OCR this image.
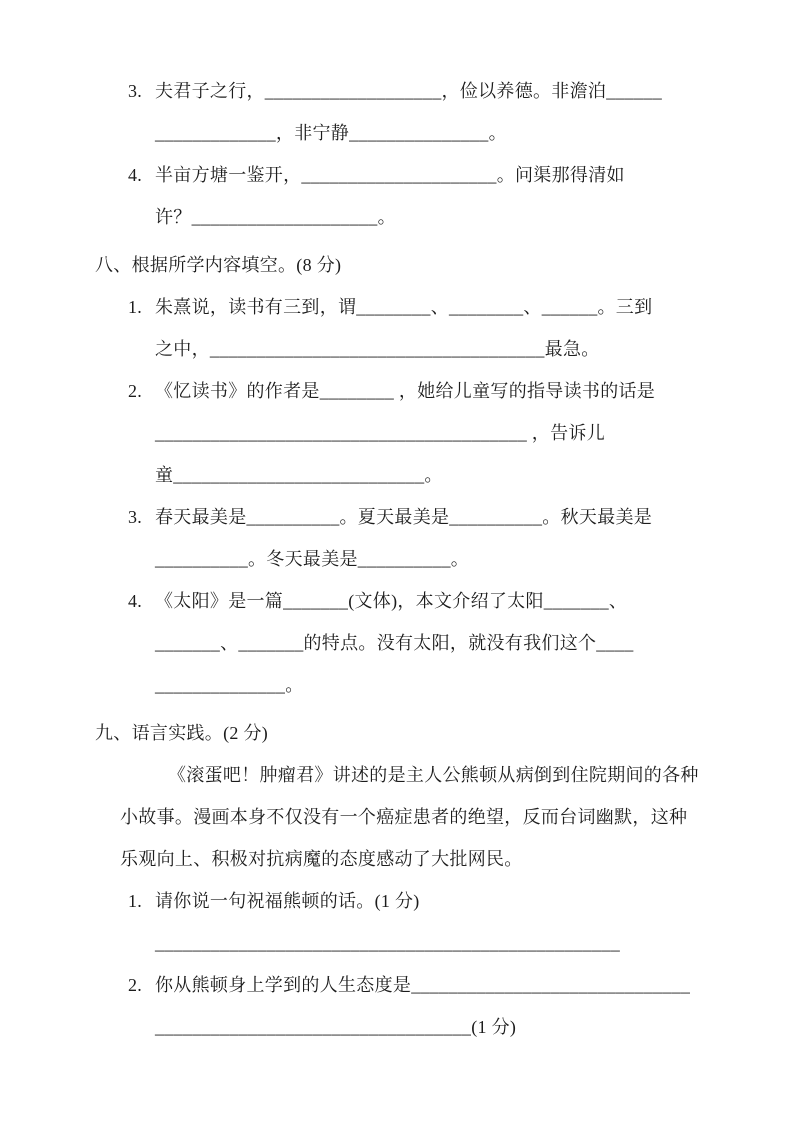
3. 夫君子之行，___________________，俭以养德。非澹泊______
_____________，非宁静_______________。
4. 半亩方塘一鉴开，_____________________。问渠那得清如
许？____________________。
八、根据所学内容填空。(8 分)
1. 朱熹说，读书有三到，谓________、________、______。三到
之中，____________________________________最急。
2. 《忆读书》的作者是________ ，她给儿童写的指导读书的话是
________________________________________ ，告诉儿
童___________________________。
3. 春天最美是__________。夏天最美是__________。秋天最美是
__________。冬天最美是__________。
4. 《太阳》是一篇_______(文体)，本文介绍了太阳_______、
_______、_______的特点。没有太阳，就没有我们这个____
______________。
九、语言实践。(2 分)
《滚蛋吧！肿瘤君》讲述的是主人公熊顿从病倒到住院期间的各种
小故事。漫画本身不仅没有一个癌症患者的绝望，反而台词幽默，这种
乐观向上、积极对抗病魔的态度感动了大批网民。
1. 请你说一句祝福熊顿的话。(1 分)
__________________________________________________
2. 你从熊顿身上学到的人生态度是______________________________
__________________________________(1 分)
